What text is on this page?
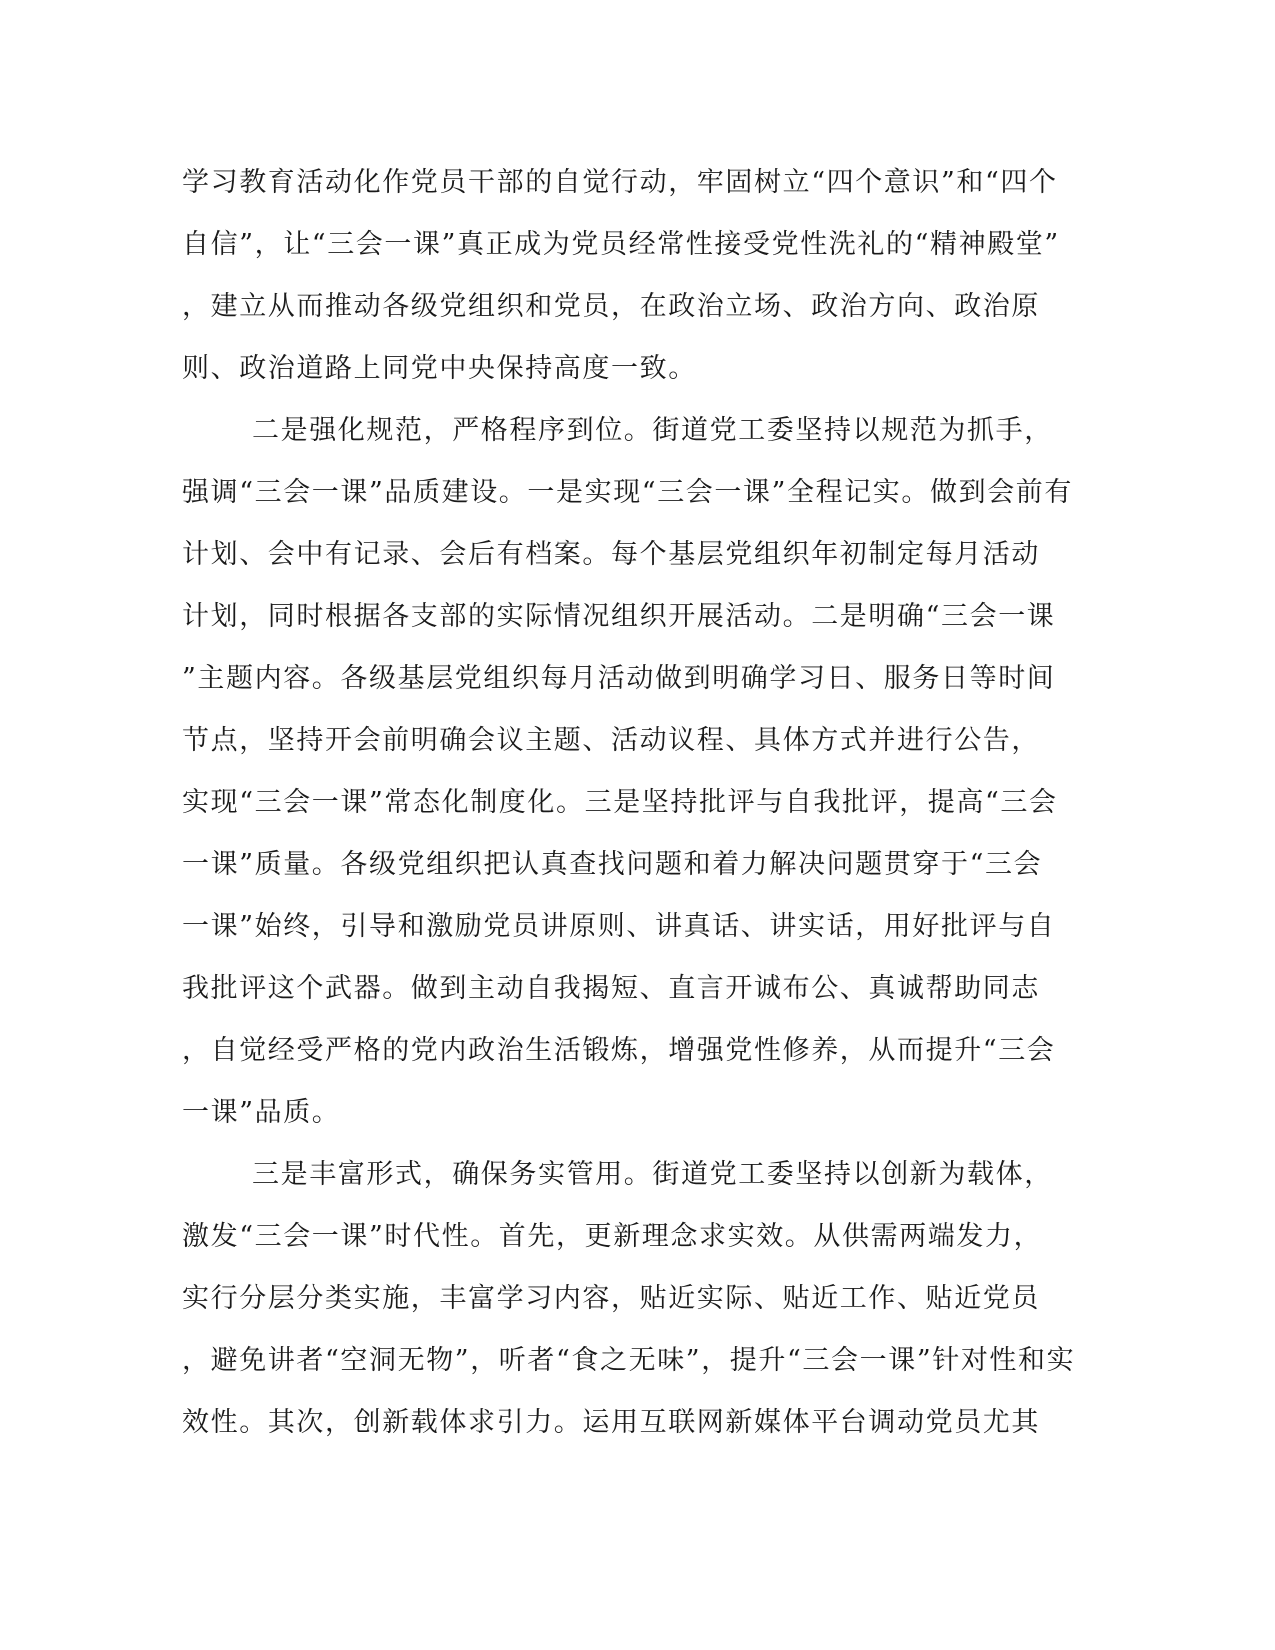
学习教育活动化作党员干部的自觉行动，牢固树立“四个意识”和“四个
自信”，让“三会一课”真正成为党员经常性接受党性洗礼的“精神殿堂”
，建立从而推动各级党组织和党员，在政治立场、政治方向、政治原
则、政治道路上同党中央保持高度一致。
二是强化规范，严格程序到位。街道党工委坚持以规范为抓手，
强调“三会一课”品质建设。一是实现“三会一课”全程记实。做到会前有
计划、会中有记录、会后有档案。每个基层党组织年初制定每月活动
计划，同时根据各支部的实际情况组织开展活动。二是明确“三会一课
”主题内容。各级基层党组织每月活动做到明确学习日、服务日等时间
节点，坚持开会前明确会议主题、活动议程、具体方式并进行公告，
实现“三会一课”常态化制度化。三是坚持批评与自我批评，提高“三会
一课”质量。各级党组织把认真查找问题和着力解决问题贯穿于“三会
一课”始终，引导和激励党员讲原则、讲真话、讲实话，用好批评与自
我批评这个武器。做到主动自我揭短、直言开诚布公、真诚帮助同志
，自觉经受严格的党内政治生活锻炼，增强党性修养，从而提升“三会
一课”品质。
三是丰富形式，确保务实管用。街道党工委坚持以创新为载体，
激发“三会一课”时代性。首先，更新理念求实效。从供需两端发力，
实行分层分类实施，丰富学习内容，贴近实际、贴近工作、贴近党员
，避免讲者“空洞无物”，听者“食之无味”，提升“三会一课”针对性和实
效性。其次，创新载体求引力。运用互联网新媒体平台调动党员尤其
